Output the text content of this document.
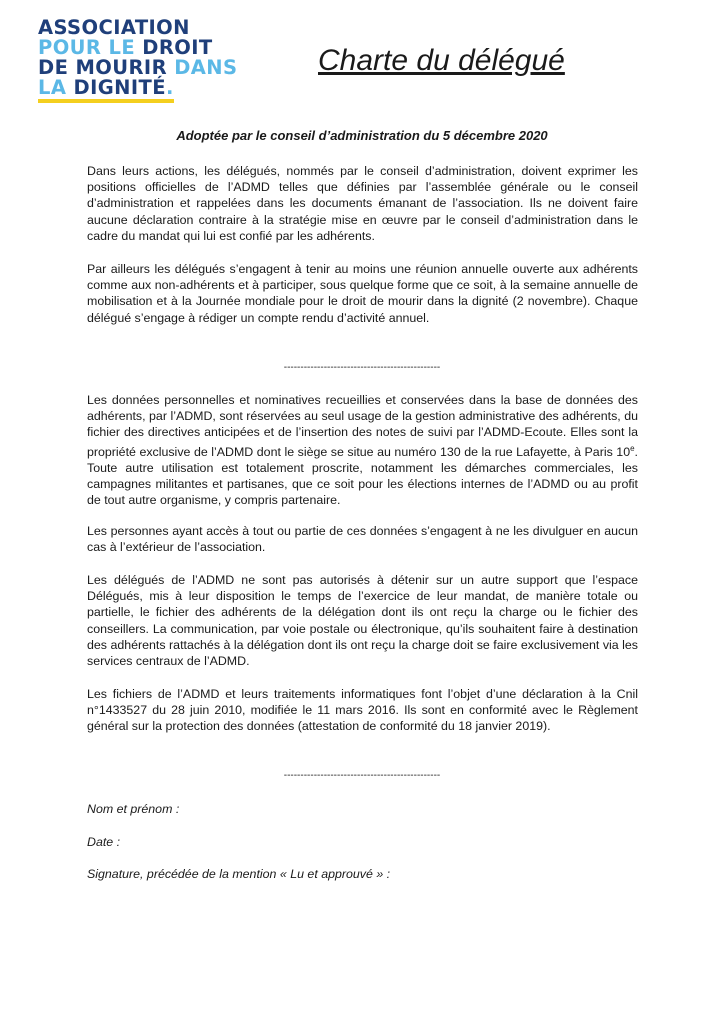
ASSOCIATION
POUR LE DROIT
DE MOURIR DANS
LA DIGNITÉ.
Charte du délégué
Adoptée par le conseil d’administration du 5 décembre 2020

Dans leurs actions, les délégués, nommés par le conseil d’administration, doivent exprimer les positions officielles de l’ADMD telles que définies par l’assemblée générale ou le conseil d’administration et rappelées dans les documents émanant de l’association. Ils ne doivent faire aucune déclaration contraire à la stratégie mise en œuvre par le conseil d’administration dans le cadre du mandat qui lui est confié par les adhérents.

Par ailleurs les délégués s’engagent à tenir au moins une réunion annuelle ouverte aux adhérents comme aux non-adhérents et à participer, sous quelque forme que ce soit, à la semaine annuelle de mobilisation et à la Journée mondiale pour le droit de mourir dans la dignité (2 novembre). Chaque délégué s’engage à rédiger un compte rendu d’activité annuel.

-----------------------------------------------

Les données personnelles et nominatives recueillies et conservées dans la base de données des adhérents, par l’ADMD, sont réservées au seul usage de la gestion administrative des adhérents, du fichier des directives anticipées et de l’insertion des notes de suivi par l’ADMD-Ecoute. Elles sont la propriété exclusive de l’ADMD dont le siège se situe au numéro 130 de la rue Lafayette, à Paris 10e. Toute autre utilisation est totalement proscrite, notamment les démarches commerciales, les campagnes militantes et partisanes, que ce soit pour les élections internes de l’ADMD ou au profit de tout autre organisme, y compris partenaire.

Les personnes ayant accès à tout ou partie de ces données s’engagent à ne les divulguer en aucun cas à l’extérieur de l’association.

Les délégués de l’ADMD ne sont pas autorisés à détenir sur un autre support que l’espace Délégués, mis à leur disposition le temps de l’exercice de leur mandat, de manière totale ou partielle, le fichier des adhérents de la délégation dont ils ont reçu la charge ou le fichier des conseillers. La communication, par voie postale ou électronique, qu’ils souhaitent faire à destination des adhérents rattachés à la délégation dont ils ont reçu la charge doit se faire exclusivement via les services centraux de l’ADMD.

Les fichiers de l’ADMD et leurs traitements informatiques font l’objet d’une déclaration à la Cnil n°1433527 du 28 juin 2010, modifiée le 11 mars 2016. Ils sont en conformité avec le Règlement général sur la protection des données (attestation de conformité du 18 janvier 2019).

-----------------------------------------------
Nom et prénom :
Date :
Signature, précédée de la mention « Lu et approuvé » :
